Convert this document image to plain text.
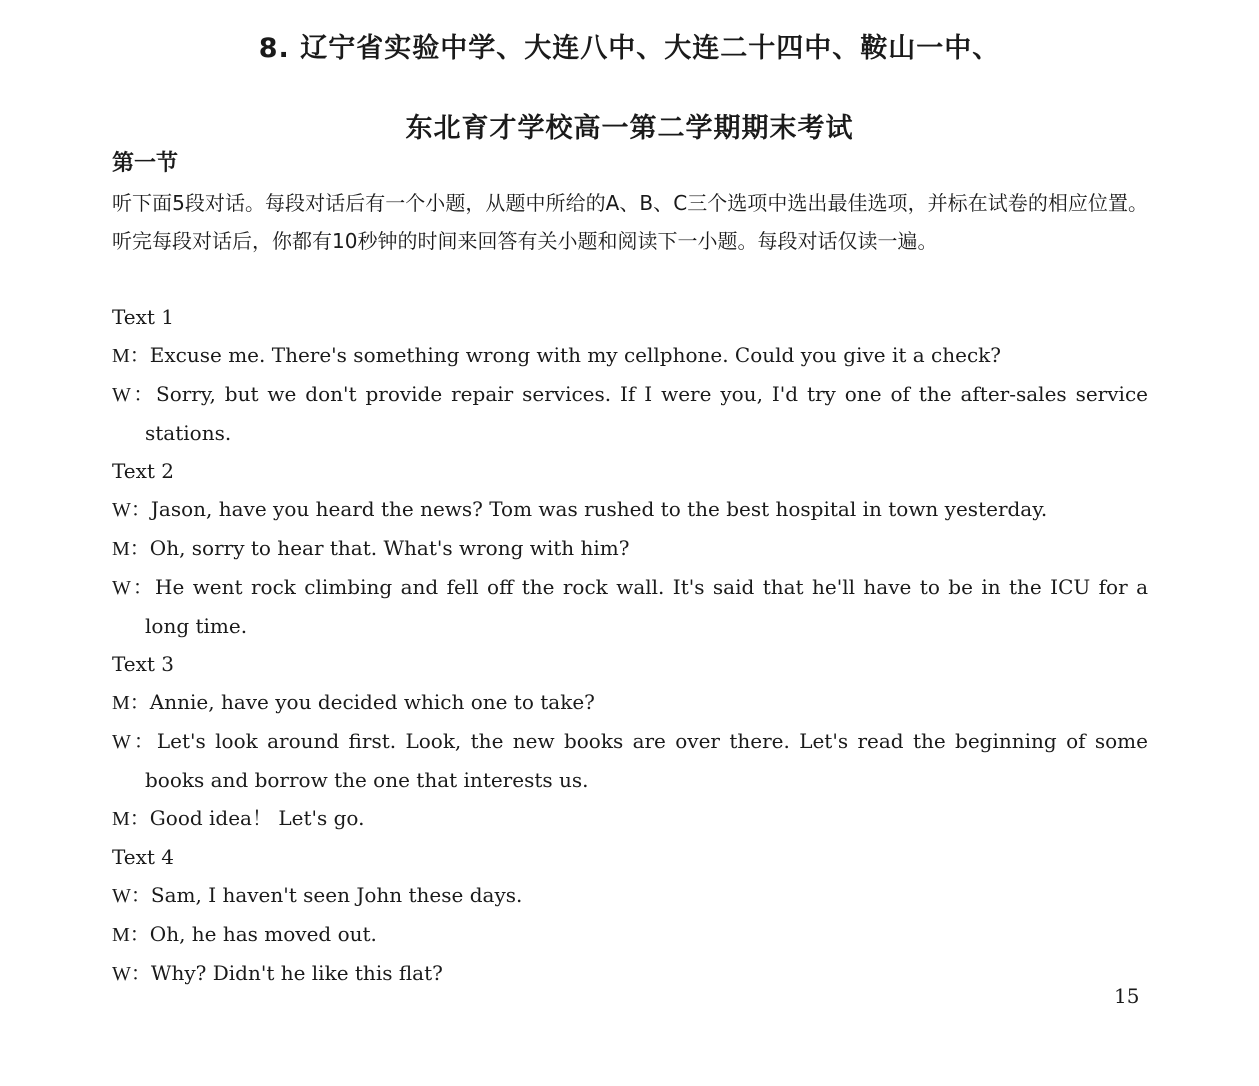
8. 辽宁省实验中学、大连八中、大连二十四中、鞍山一中、
东北育才学校高一第二学期期末考试
第一节
听下面5段对话。每段对话后有一个小题，从题中所给的A、B、C三个选项中选出最佳选项，并标在试卷的相应位置。听完每段对话后，你都有10秒钟的时间来回答有关小题和阅读下一小题。每段对话仅读一遍。
Text 1
M：Excuse me. There's something wrong with my cellphone. Could you give it a check?
W：Sorry, but we don't provide repair services. If I were you, I'd try one of the after-sales service stations.
Text 2
W：Jason, have you heard the news? Tom was rushed to the best hospital in town yesterday.
M：Oh, sorry to hear that. What's wrong with him?
W：He went rock climbing and fell off the rock wall. It's said that he'll have to be in the ICU for a long time.
Text 3
M：Annie, have you decided which one to take?
W：Let's look around first. Look, the new books are over there. Let's read the beginning of some books and borrow the one that interests us.
M：Good idea！ Let's go.
Text 4
W：Sam, I haven't seen John these days.
M：Oh, he has moved out.
W：Why? Didn't he like this flat?
15
